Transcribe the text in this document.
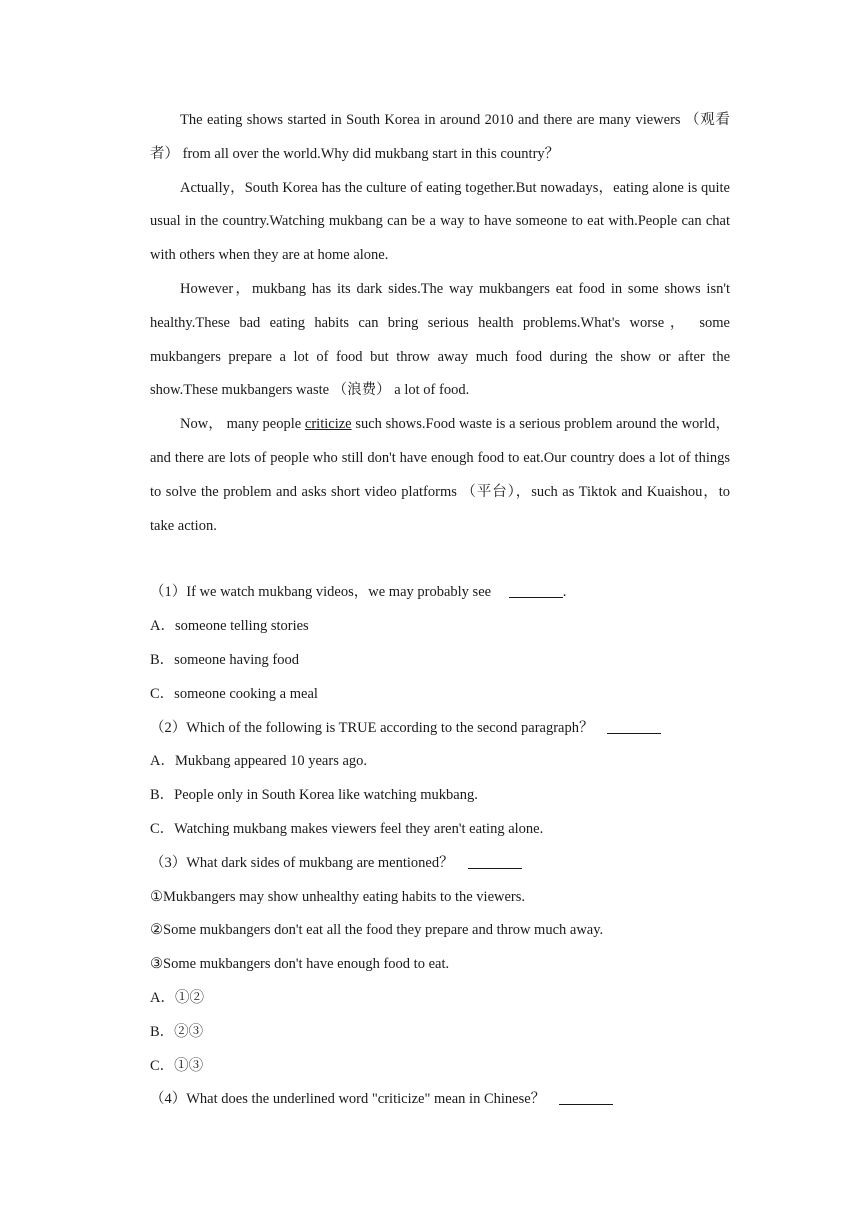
The eating shows started in South Korea in around 2010 and there are many viewers （观看者） from all over the world.Why did mukbang start in this country？

Actually，South Korea has the culture of eating together.But nowadays，eating alone is quite usual in the country.Watching mukbang can be a way to have someone to eat with.People can chat with others when they are at home alone.

However，mukbang has its dark sides.The way mukbangers eat food in some shows isn't healthy.These bad eating habits can bring serious health problems.What's worse， some mukbangers prepare a lot of food but throw away much food during the show or after the show.These mukbangers waste （浪费） a lot of food.

Now， many people criticize such shows.Food waste is a serious problem around the world，and there are lots of people who still don't have enough food to eat.Our country does a lot of things to solve the problem and asks short video platforms （平台），such as Tiktok and Kuaishou，to take action.

（1）If we watch mukbang videos，we may probably see	.

A．someone telling stories

B．someone having food

C．someone cooking a meal

（2）Which of the following is TRUE according to the second paragraph？

A．Mukbang appeared 10 years ago.

B．People only in South Korea like watching mukbang.

C．Watching mukbang makes viewers feel they aren't eating alone.

（3）What dark sides of mukbang are mentioned？

①Mukbangers may show unhealthy eating habits to the viewers.

②Some mukbangers don't eat all the food they prepare and throw much away.

③Some mukbangers don't have enough food to eat.

A．①②

B．②③

C．①③

（4）What does the underlined word "criticize" mean in Chinese？
